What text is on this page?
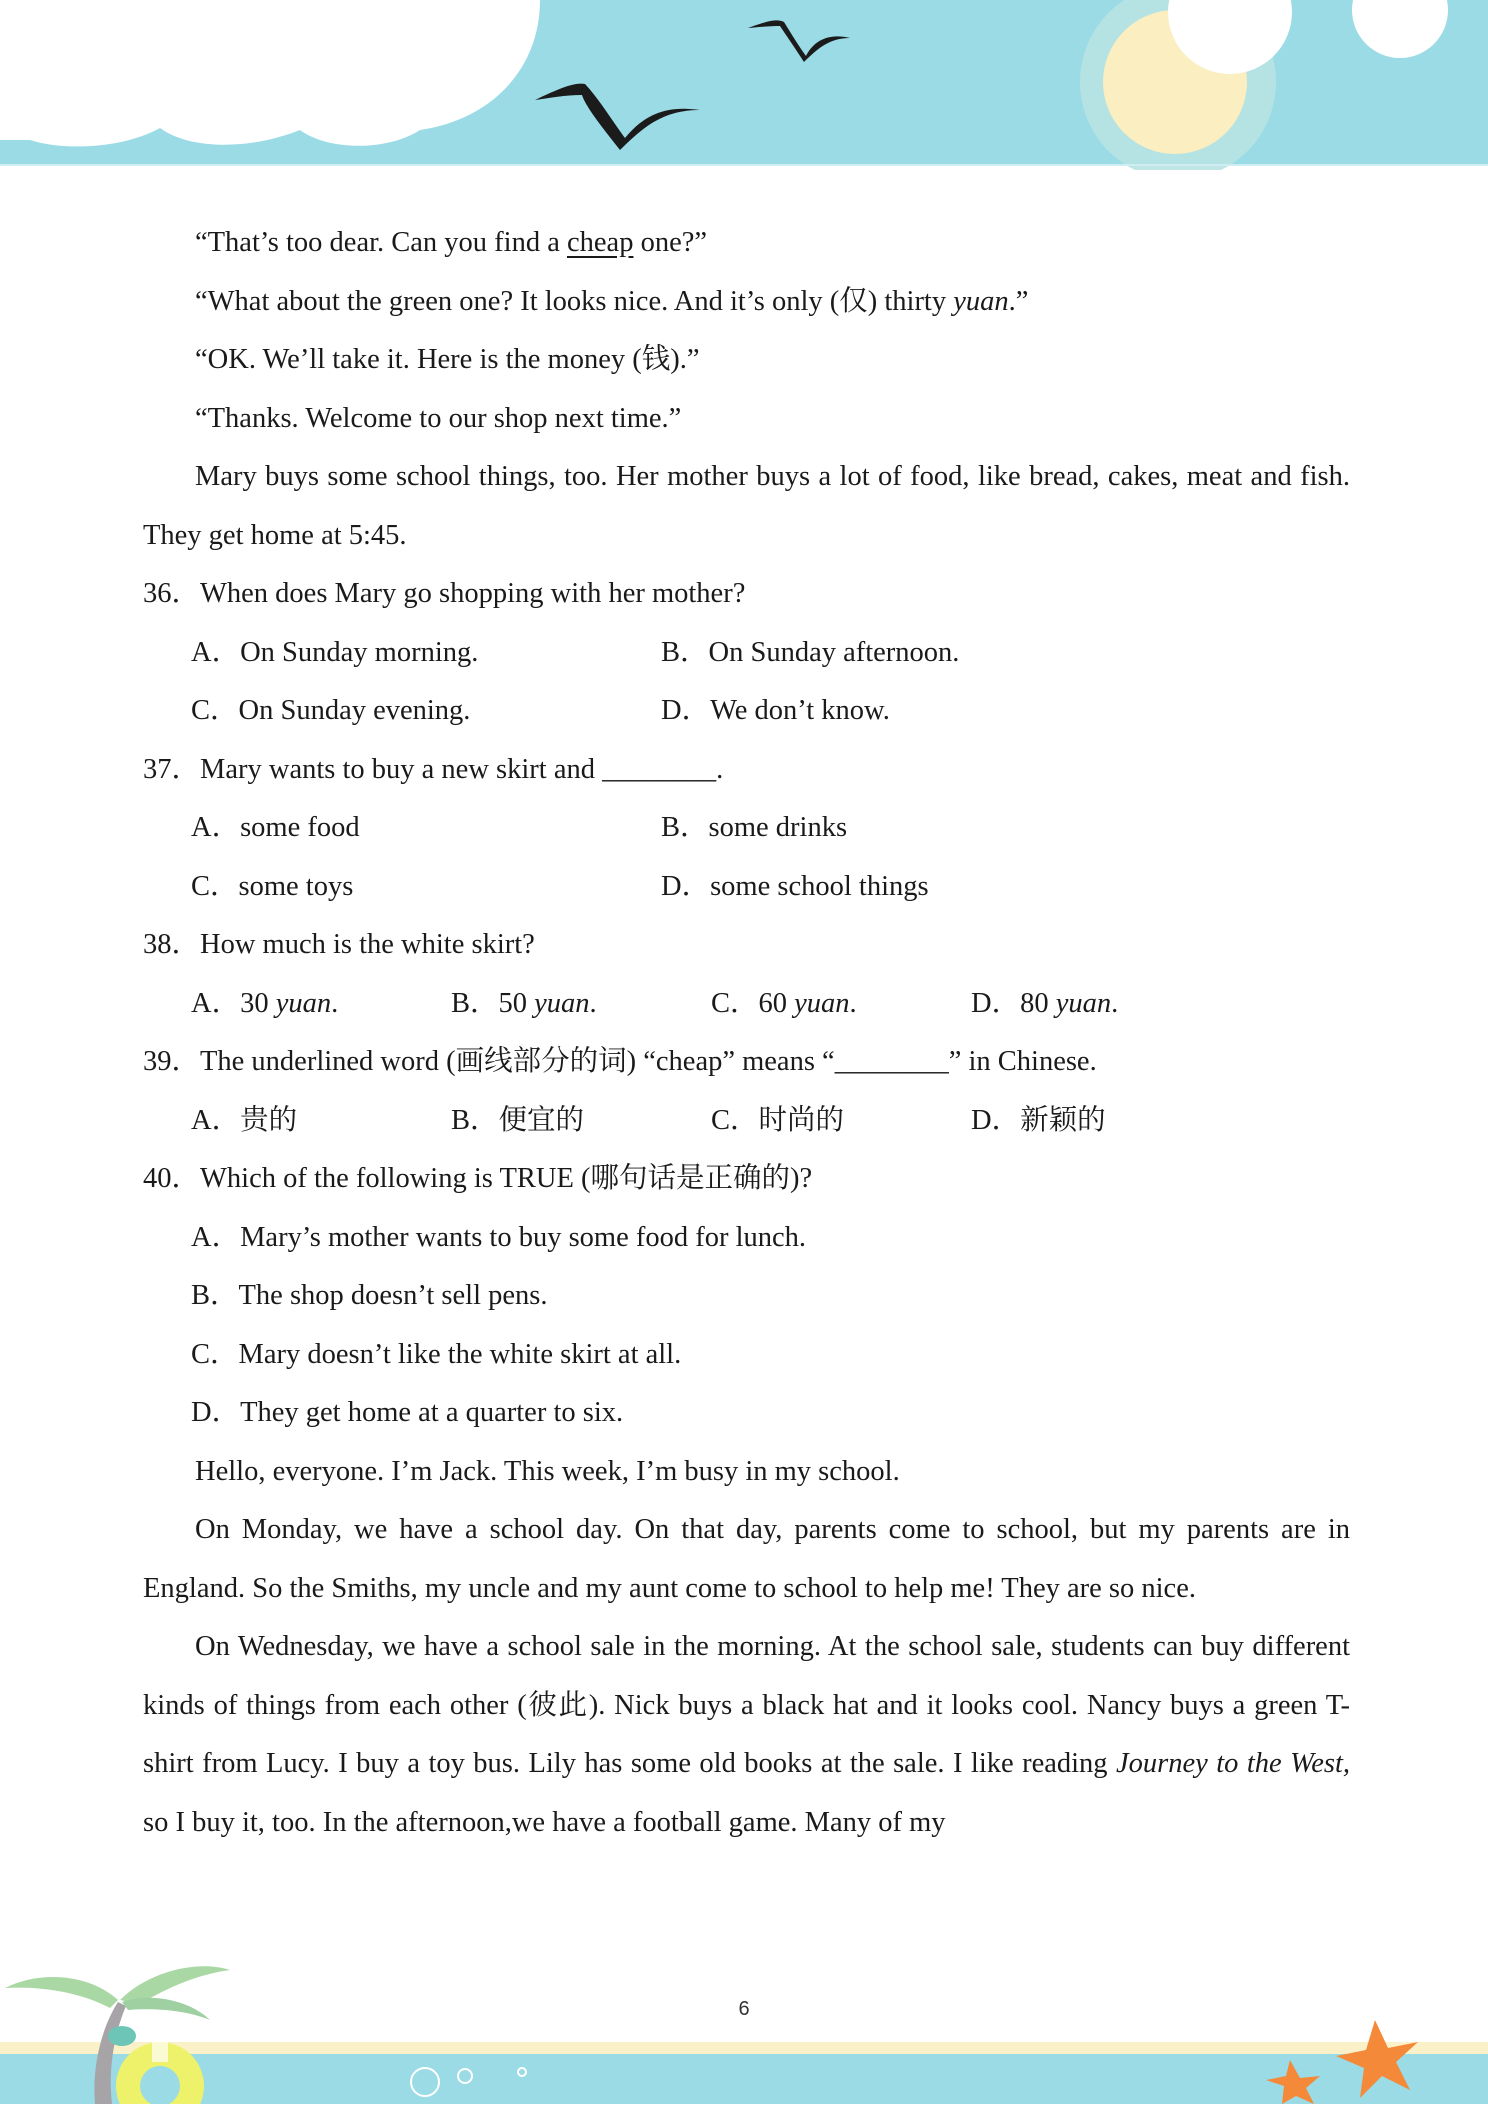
“That’s too dear. Can you find a cheap one?”

“What about the green one? It looks nice. And it’s only (仅) thirty yuan.”

“OK. We’ll take it. Here is the money (钱).”

“Thanks. Welcome to our shop next time.”

Mary buys some school things, too. Her mother buys a lot of food, like bread, cakes, meat and fish. They get home at 5:45.

36．When does Mary go shopping with her mother?

A．On Sunday morning.	B．On Sunday afternoon.
C．On Sunday evening.	D．We don’t know.

37．Mary wants to buy a new skirt and ________.

A．some food	B．some drinks
C．some toys	D．some school things

38．How much is the white skirt?

A．30 yuan.	B．50 yuan.	C．60 yuan.	D．80 yuan.

39．The underlined word (画线部分的词) “cheap” means “________” in Chinese.

A．贵的	B．便宜的	C．时尚的	D．新颖的

40．Which of the following is TRUE (哪句话是正确的)?

A．Mary’s mother wants to buy some food for lunch.
B．The shop doesn’t sell pens.
C．Mary doesn’t like the white skirt at all.
D．They get home at a quarter to six.

Hello, everyone. I’m Jack. This week, I’m busy in my school.

On Monday, we have a school day. On that day, parents come to school, but my parents are in England. So the Smiths, my uncle and my aunt come to school to help me! They are so nice.

On Wednesday, we have a school sale in the morning. At the school sale, students can buy different kinds of things from each other (彼此). Nick buys a black hat and it looks cool. Nancy buys a green T-shirt from Lucy. I buy a toy bus. Lily has some old books at the sale. I like reading Journey to the West, so I buy it, too. In the afternoon,we have a football game. Many of my

6
